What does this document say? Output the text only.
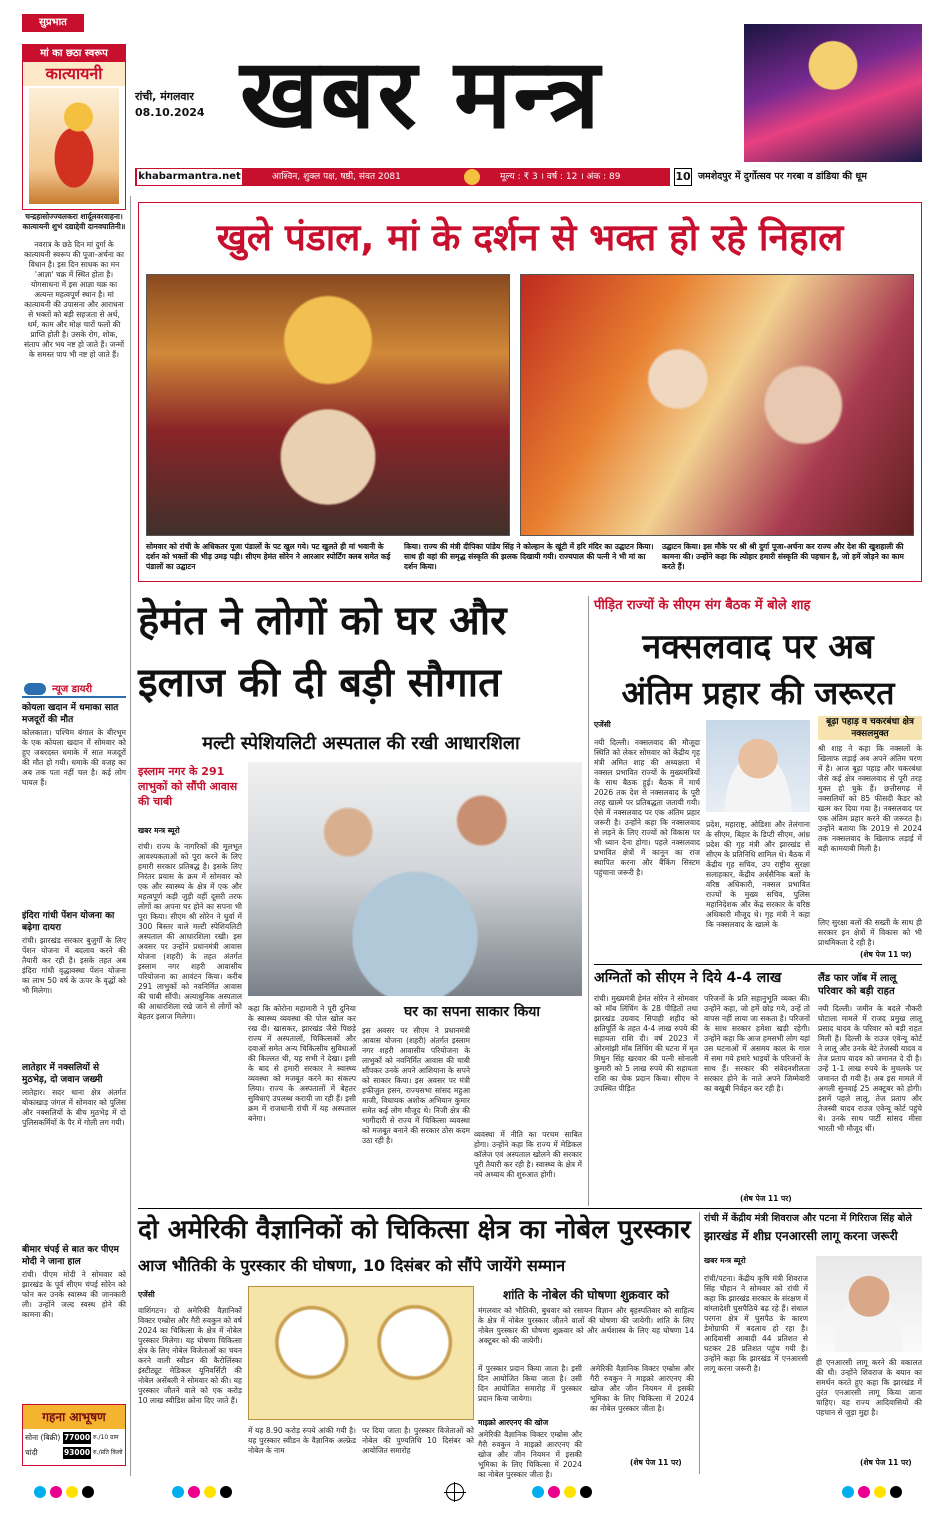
सुप्रभात
मां का छठा स्वरूप
कात्यायनी
रांची, मंगलवार
08.10.2024 खबर मन्त्र
khabarmantra.net	आश्विन, शुक्ल पक्ष, षष्ठी, संवत 2081	मूल्य : ₹ 3 । वर्ष : 12 । अंक : 89	10 जमशेदपुर में दुर्गोत्सव पर गरबा व डांडिया की धूम
चन्द्रहासोज्ज्वलकरा शार्दूलवरवाहना। कात्यायनी शुभं दद्याद्देवी दानवघातिनी॥
नवरात्र के छठे दिन मां दुर्गा के कात्यायनी स्वरूप की पूजा-अर्चना का विधान है। इस दिन साधक का मन 'आज्ञा' चक्र में स्थित होता है। योगसाधना में इस आज्ञा चक्र का अत्यन्त महत्वपूर्ण स्थान है। मां कात्यायनी की उपासना और आराधना से भक्तों को बड़ी सहजता से अर्थ, धर्म, काम और मोक्ष चारों फलों की प्राप्ति होती है। उसके रोग, शोक, संताप और भय नष्ट हो जाते हैं। जन्मों के समस्त पाप भी नष्ट हो जाते हैं।
न्यूज डायरी
कोयला खदान में धमाका सात मजदूरों की मौत
कोलकाता। पश्चिम बंगाल के बीरभूम के एक कोयला खदान में सोमवार को हुए जबरदस्त धमाके में सात मजदूरों की मौत हो गयी। धमाके की वजह का अब तक पता नहीं चल है। कई लोग घायल हैं।
इंदिरा गांधी पेंशन योजना का बढ़ेगा दायरा
रांची। झारखंड सरकार बुजुर्गों के लिए पेंशन योजना में बदलाव करने की तैयारी कर रही है। इसके तहत अब इंदिरा गांधी वृद्धावस्था पेंशन योजना का लाभ 50 वर्ष के ऊपर के वृद्धों को भी मिलेगा।
लातेहार में नक्सलियों से मुठभेड़, दो जवान जख्मी
लातेहार। सदर थाना क्षेत्र अंतर्गत बोकाखाड़ जंगल में सोमवार को पुलिस और नक्सलियों के बीच मुठभेड़ में दो पुलिसकर्मियों के पैर में गोली लग गयी।
बीमार चंपई से बात कर पीएम मोदी ने जाना हाल
रांची। पीएम मोदी ने सोमवार को झारखंड के पूर्व सीएम चंपई सोरेन को फोन कर उनके स्वास्थ्य की जानकारी ली। उन्होंने जल्द स्वस्थ होने की कामना की।
गहना आभूषण
सोना (बिक्री) 77000 रु./10 ग्राम
चांदी	93000 रु./प्रति किलो
खुले पंडाल, मां के दर्शन से भक्त हो रहे निहाल
सोमवार को रांची के अधिकतर पूजा पंडालों के पट खुल गये। पट खुलते ही मां भवानी के दर्शन को भक्तों की भीड़ उमड़ पड़ी। सीएम हेमंत सोरेन ने आरआर स्पोर्टिंग क्लब समेत कई पंडालों का उद्घाटन
किया। राज्य की मंत्री दीपिका पांडेय सिंह ने कोल्हान के खूंटी में हरि मंदिर का उद्घाटन किया। साथ ही वहां की समृद्ध संस्कृति की झलक दिखायी गयी। राज्यपाल की पत्नी ने भी मां का दर्शन किया।
उद्घाटन किया। इस मौके पर श्री श्री दुर्गा पूजा-अर्चना कर राज्य और देश की खुशहाली की कामना की। उन्होंने कहा कि त्योहार हमारी संस्कृति की पहचान है, जो हमें जोड़ने का काम करते हैं।
हेमंत ने लोगों को घर और
इलाज की दी बड़ी सौगात
मल्टी स्पेशियलिटी अस्पताल की रखी आधारशिला
इस्लाम नगर के 291 लाभुकों को सौंपी आवास की चाबी
खबर मन्त्र ब्यूरो
रांची। राज्य के नागरिकों की मूलभूत आवश्यकताओं को पूरा करने के लिए हमारी सरकार प्रतिबद्ध है। इसके लिए निरंतर प्रयास के क्रम में सोमवार को एक और स्वास्थ्य के क्षेत्र में एक और महत्वपूर्ण कड़ी जुड़ी वहीं दूसरी तरफ लोगों का अपना घर होने का सपना भी पूरा किया। सीएम श्री सोरेन ने धुर्वा में 300 बिस्तर वाले मल्टी स्पेशियलिटी अस्पताल की आधारशिला रखी। इस अवसर पर उन्होंने प्रधानमंत्री आवास योजना (शहरी) के तहत अंतर्गत इस्लाम नगर शहरी आवासीय परियोजना का आवंटन किया। करीब 291 लाभुकों को नवनिर्मित आवास की चाबी सौंपी। अत्याधुनिक अस्पताल की आधारशिला रखे जाने से लोगों को बेहतर इलाज मिलेगा।
कहा कि कोरोना महामारी ने पूरी दुनिया के स्वास्थ्य व्यवस्था की पोल खोल कर रख दी। खासकर, झारखंड जैसे पिछड़े राज्य में अस्पतालों, चिकित्सकों और दवाओं समेत अन्य चिकित्सीय सुविधाओं की किल्लत थी, यह सभी ने देखा। इसी के बाद से हमारी सरकार ने स्वास्थ्य व्यवस्था को मजबूत करने का संकल्प लिया। राज्य के अस्पतालों में बेहतर सुविधाएं उपलब्ध करायी जा रही हैं। इसी क्रम में राजधानी रांची में यह अस्पताल बनेगा।
घर का सपना साकार किया
इस अवसर पर सीएम ने प्रधानमंत्री आवास योजना (शहरी) अंतर्गत इस्लाम नगर शहरी आवासीय परियोजना के लाभुकों को नवनिर्मित आवास की चाबी सौंपकर उनके अपने आशियाना के सपने को साकार किया। इस अवसर पर मंत्री हफीजुल हसन, राज्यसभा सांसद महुआ माजी, विधायक अशोक अभियान कुमार समेत कई लोग मौजूद थे। निजी क्षेत्र की भागीदारी से राज्य में चिकित्सा व्यवस्था को मजबूत बनाने की सरकार ठोस कदम उठा रही है।
व्यवस्था में नीति का परचम साबित होगा। उन्होंने कहा कि राज्य में मेडिकल कॉलेज एवं अस्पताल खोलने की सरकार पूरी तैयारी कर रही है। स्वास्थ्य के क्षेत्र में नये अध्याय की शुरुआत होगी।
पीड़ित राज्यों के सीएम संग बैठक में बोले शाह
नक्सलवाद पर अब
अंतिम प्रहार की जरूरत
एजेंसी
नयी दिल्ली। नक्सलवाद की मौजूदा स्थिति को लेकर सोमवार को केंद्रीय गृह मंत्री अमित शाह की अध्यक्षता में नक्सल प्रभावित राज्यों के मुख्यमंत्रियों के साथ बैठक हुई। बैठक में मार्च 2026 तक देश से नक्सलवाद के पूरी तरह खात्मे पर प्रतिबद्धता जतायी गयी। ऐसे में नक्सलवाद पर एक अंतिम प्रहार जरूरी है। उन्होंने कहा कि नक्सलवाद से लड़ने के लिए राज्यों को विकास पर भी ध्यान देना होगा। पहले नक्सलवाद प्रभावित क्षेत्रों में कानून का राज स्थापित करना और बैंकिंग सिस्टम पहुंचाना जरूरी है।
प्रदेश, महाराष्ट्र, ओडिशा और तेलंगाना के सीएम, बिहार के डिप्टी सीएम, आंध्र प्रदेश की गृह मंत्री और झारखंड से सीएम के प्रतिनिधि शामिल थे। बैठक में केंद्रीय गृह सचिव, उप राष्ट्रीय सुरक्षा सलाहकार, केंद्रीय अर्धसैनिक बलों के वरिष्ठ अधिकारी, नक्सल प्रभावित राज्यों के मुख्य सचिव, पुलिस महानिदेशक और केंद्र सरकार के वरिष्ठ अधिकारी मौजूद थे। गृह मंत्री ने कहा कि नक्सलवाद के खात्मे के
बूढ़ा पहाड़ व चकरबंधा क्षेत्र नक्सलमुक्त
श्री शाह ने कहा कि नक्सलों के खिलाफ लड़ाई अब अपने अंतिम चरण में है। आज बूढ़ा पहाड़ और चकरबंधा जैसे कई क्षेत्र नक्सलवाद से पूरी तरह मुक्त हो चुके हैं। छत्तीसगढ़ में नक्सलियों को 85 फीसदी कैडर को खत्म कर दिया गया है। नक्सलवाद पर एक अंतिम प्रहार करने की जरूरत है। उन्होंने बताया कि 2019 से 2024 तक नक्सलवाद के खिलाफ लड़ाई में बड़ी कामयाबी मिली है।
लिए सुरक्षा बलों की सख्ती के साथ ही सरकार इन क्षेत्रों में विकास को भी प्राथमिकता दे रही है।
(शेष पेज 11 पर)
अग्नितों को सीएम ने दिये 4-4 लाख
रांची। मुख्यमंत्री हेमंत सोरेन ने सोमवार को मॉब लिंचिंग के 28 पीड़ितों तथा झारखंड उग्रवाद सिपाही शहीद को क्षतिपूर्ति के तहत 4-4 लाख रुपये की सहायता राशि दी। वर्ष 2023 में ओरमांझी मॉब लिंचिंग की घटना में मृत मिथुन सिंह खरवार की पत्नी सोनाली कुमारी को 5 लाख रुपये की सहायता राशि का चेक प्रदान किया। सीएम ने उपस्थित पीड़ित
परिजनों के प्रति सहानुभूति व्यक्त की। उन्होंने कहा, जो हमें छोड़ गये, उन्हें तो वापस नहीं लाया जा सकता है। परिजनों के साथ सरकार हमेशा खड़ी रहेगी। उन्होंने कहा कि आज हमसभी लोग यहां उस घटनाओं में असमय काल के गाल में समा गये हमारे भाइयों के परिजनों के साथ हैं। सरकार की संवेदनशीलता सरकार होने के नाते अपने जिम्मेवारी का बखूबी निर्वहन कर रही है।
(शेष पेज 11 पर)
लैंड फार जॉब में लालू परिवार को बड़ी राहत
नयी दिल्ली। जमीन के बदले नौकरी घोटाला मामले में राजद प्रमुख लालू प्रसाद यादव के परिवार को बड़ी राहत मिली है। दिल्ली के राउज एवेन्यू कोर्ट ने लालू और उनके बेटे तेजस्वी यादव व तेज प्रताप यादव को जमानत दे दी है। उन्हें 1-1 लाख रुपये के मुचलके पर जमानत दी गयी है। अब इस मामले में अगली सुनवाई 25 अक्टूबर को होगी। इसमें पहले लालू, तेज प्रताप और तेजस्वी यादव राउज एवेन्यू कोर्ट पहुंचे थे। उनके साथ पार्टी सांसद मीसा भारती भी मौजूद थीं।
दो अमेरिकी वैज्ञानिकों को चिकित्सा क्षेत्र का नोबेल पुरस्कार
आज भौतिकी के पुरस्कार की घोषणा, 10 दिसंबर को सौंपे जायेंगे सम्मान
एजेंसी
वाशिंगटन। दो अमेरिकी वैज्ञानिकों विक्टर एम्ब्रोस और गैरी रुवकुन को वर्ष 2024 का चिकित्सा के क्षेत्र में नोबेल पुरस्कार मिलेगा। यह घोषणा चिकित्सा क्षेत्र के लिए नोबेल विजेताओं का चयन करने वाली स्वीडन की कैरोलिंस्का इंस्टीट्यूट मेडिकल यूनिवर्सिटी की नोबेल असेंबली ने सोमवार को की। यह पुरस्कार जीतने वाले को एक करोड़ 10 लाख स्वीडिश क्रोना दिए जाते हैं।
में यह 8.90 करोड़ रुपये आंकी गयी है। यह पुरस्कार स्वीडन के वैज्ञानिक अल्फ्रेड नोबेल के नाम
पर दिया जाता है। पुरस्कार विजेताओं को नोबेल की पुण्यतिथि 10 दिसंबर को आयोजित समारोह
शांति के नोबेल की घोषणा शुक्रवार को
मंगलवार को भौतिकी, बुधवार को रसायन विज्ञान और बृहस्पतिवार को साहित्य के क्षेत्र में नोबेल पुरस्कार जीतने वालों की घोषणा की जायेगी। शांति के लिए नोबेल पुरस्कार की घोषणा शुक्रवार को और अर्थशास्त्र के लिए यह घोषणा 14 अक्टूबर को की जायेगी।
में पुरस्कार प्रदान किया जाता है। इसी दिन आयोजित किया जाता है। उसी दिन आयोजित समारोह में पुरस्कार प्रदान किया जायेगा।
माइक्रो आरएनए की खोज
अमेरिकी वैज्ञानिक विक्टर एम्ब्रोस और गैरी रुवकुन ने माइक्रो आरएनए की खोज और जीन नियमन में इसकी भूमिका के लिए चिकित्सा में 2024 का नोबेल पुरस्कार जीता है।
अमेरिकी वैज्ञानिक विक्टर एम्ब्रोस और गैरी रुवकुन ने माइक्रो आरएनए की खोज और जीन नियमन में इसकी भूमिका के लिए चिकित्सा में 2024 का नोबेल पुरस्कार जीता है।
(शेष पेज 11 पर)
रांची में केंद्रीय मंत्री शिवराज और पटना में गिरिराज सिंह बोले
झारखंड में शीघ्र एनआरसी लागू करना जरूरी
खबर मन्त्र ब्यूरो
रांची/पटना। केंद्रीय कृषि मंत्री शिवराज सिंह चौहान ने सोमवार को रांची में कहा कि झारखंड सरकार के संरक्षण में बांग्लादेशी घुसपैठिये बढ़ रहे हैं। संथाल परगना क्षेत्र में घुसपैठ के कारण डेमोग्राफी में बदलाव हो रहा है। आदिवासी आबादी 44 प्रतिशत से घटकर 28 प्रतिशत पहुंच गयी है। उन्होंने कहा कि झारखंड में एनआरसी लागू करना जरूरी है।
ही एनआरसी लागू करने की वकालत की थी। उन्होंने शिवराज के बयान का समर्थन करते हुए कहा कि झारखंड में तुरंत एनआरसी लागू किया जाना चाहिए। यह राज्य आदिवासियों की पहचान से जुड़ा मुद्दा है।
(शेष पेज 11 पर)
